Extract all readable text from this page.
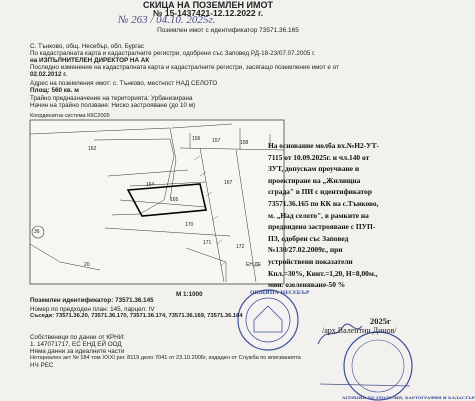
СКИЦА НА ПОЗЕМЛЕН ИМОТ
№ 15-1437421-12.12.2022 г.
№ 263 / 04.10. 2025г.
Поземлен имот с идентификатор 73571.36.165
С. Тънково, общ. Несебър, обл. Бургас
По кадастралната карта и кадастралните регистри, одобрени със Заповед РД-18-23/07.07.2005 г.
на ИЗПЪЛНИТЕЛЕН ДИРЕКТОР НА АК
Последно изменение на кадастралната карта и кадастралните регистри, засягащо поземления имот е от
02.02.2012 г.
Адрес на поземления имот: с. Тънково, местност НАД СЕЛОТО
Площ: 560 кв. м
Трайно предназначение на територията: Урбанизирана
Начин на трайно ползване: Ниско застрояване (до 10 м)
Координатна система ККС2005
162
156 157	158
164
165
167
170
171
172
20
36
ЕН ДЕ
М 1:1000
Поземлен идентификатор: 73571.36.145
Номер по предходен план: 145, парцел: IV
Съседи: 73571.36.20, 73571.36.170, 73571.36.174, 73571.36.169, 73571.36.164
Собственици по данни от КРНИ:
1. 147071717, ЕС ЕНД ЕЙ ООД
Няма данни за идеалните части
Нотариален акт № 184 том XXXI рег. 8119 дело 7041 от 23.10.2006г, издаден от Служба по вписванията
НЧ РЕС
ОБЩИНА НЕСЕБЪР
АГЕНЦИЯ ПО ГЕОДЕЗИЯ, КАРТОГРАФИЯ И КАДАСТЪР
На основание молба вх.№Н2-УТ-
7115 от 10.09.2025г. и чл.140 от
ЗУТ, допускам проучване и
проектиране на „Жилищна
сграда" в ПИ с идентификатор
73571.36.165 по КК на с.Тънково,
м. „Над селото", в рамките на
предвидено застрояване с ПУП-
ПЗ, одобрен със Заповед
№130/27.02.2009г., при
устройствени показатели
Кпл.=30%, Кинт.=1,20, H=8,00м.,
мин. озеленяване-50 %
2025г
/арх.Валентин Динов/
